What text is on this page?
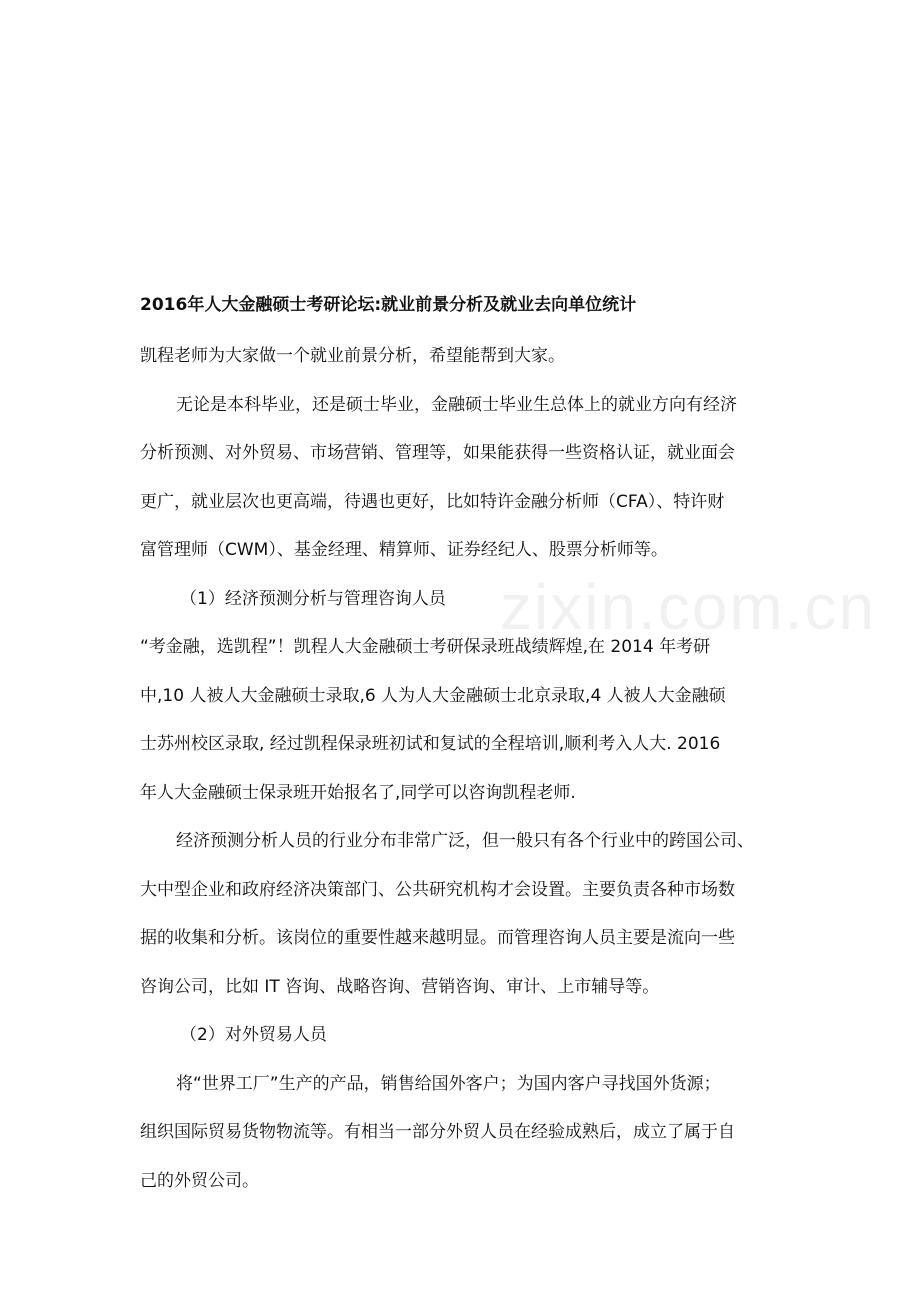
zixin.com.cn
2016年人大金融硕士考研论坛:就业前景分析及就业去向单位统计
凯程老师为大家做一个就业前景分析，希望能帮到大家。
无论是本科毕业，还是硕士毕业，金融硕士毕业生总体上的就业方向有经济
分析预测、对外贸易、市场营销、管理等，如果能获得一些资格认证，就业面会
更广，就业层次也更高端，待遇也更好，比如特许金融分析师（CFA）、特许财
富管理师（CWM）、基金经理、精算师、证券经纪人、股票分析师等。
（1）经济预测分析与管理咨询人员
“考金融，选凯程”！凯程人大金融硕士考研保录班战绩辉煌,在 2014 年考研
中,10 人被人大金融硕士录取,6 人为人大金融硕士北京录取,4 人被人大金融硕
士苏州校区录取, 经过凯程保录班初试和复试的全程培训,顺利考入人大. 2016
年人大金融硕士保录班开始报名了,同学可以咨询凯程老师.
经济预测分析人员的行业分布非常广泛，但一般只有各个行业中的跨国公司、
大中型企业和政府经济决策部门、公共研究机构才会设置。主要负责各种市场数
据的收集和分析。该岗位的重要性越来越明显。而管理咨询人员主要是流向一些
咨询公司，比如 IT 咨询、战略咨询、营销咨询、审计、上市辅导等。
（2）对外贸易人员
将“世界工厂”生产的产品，销售给国外客户；为国内客户寻找国外货源；
组织国际贸易货物物流等。有相当一部分外贸人员在经验成熟后，成立了属于自
己的外贸公司。
